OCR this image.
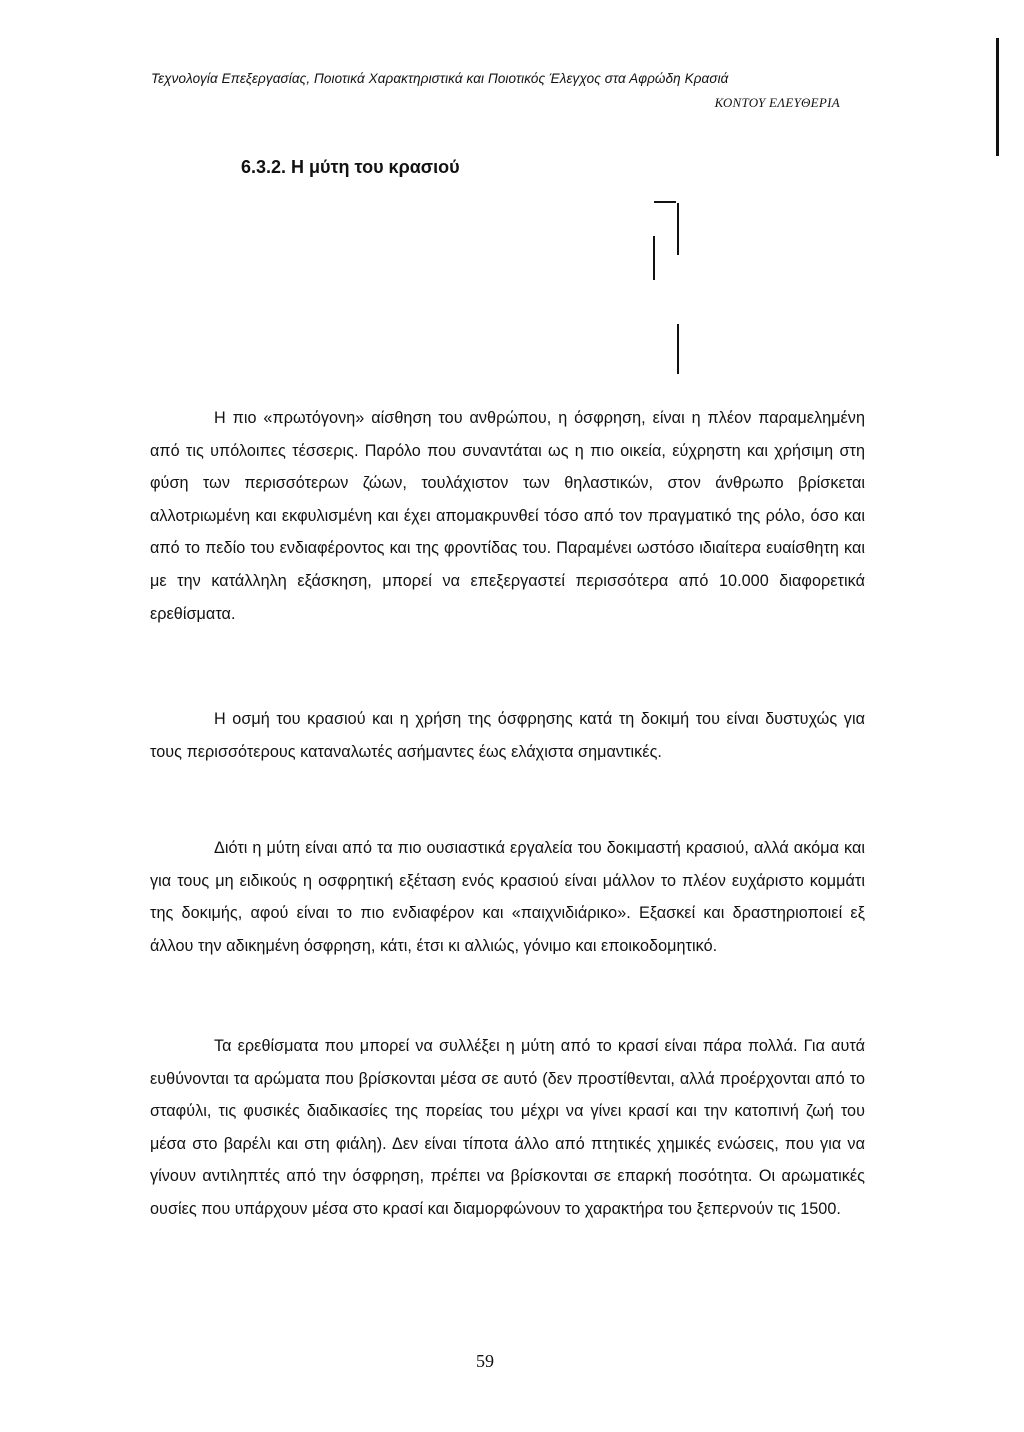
Τεχνολογία Επεξεργασίας, Ποιοτικά Χαρακτηριστικά και Ποιοτικός Έλεγχος στα Αφρώδη Κρασιά
ΚΟΝΤΟΥ ΕΛΕΥΘΕΡΙΑ
6.3.2. Η μύτη του κρασιού

Η πιο «πρωτόγονη» αίσθηση του ανθρώπου, η όσφρηση, είναι η πλέον παραμελημένη από τις υπόλοιπες τέσσερις. Παρόλο που συναντάται ως η πιο οικεία, εύχρηστη και χρήσιμη στη φύση των περισσότερων ζώων, τουλάχιστον των θηλαστικών, στον άνθρωπο βρίσκεται αλλοτριωμένη και εκφυλισμένη και έχει απομακρυνθεί τόσο από τον πραγματικό της ρόλο, όσο και από το πεδίο του ενδιαφέροντος και της φροντίδας του. Παραμένει ωστόσο ιδιαίτερα ευαίσθητη και με την κατάλληλη εξάσκηση, μπορεί να επεξεργαστεί περισσότερα από 10.000 διαφορετικά ερεθίσματα.

Η οσμή του κρασιού και η χρήση της όσφρησης κατά τη δοκιμή του είναι δυστυχώς για τους περισσότερους καταναλωτές ασήμαντες έως ελάχιστα σημαντικές.

Διότι η μύτη είναι από τα πιο ουσιαστικά εργαλεία του δοκιμαστή κρασιού, αλλά ακόμα και για τους μη ειδικούς η οσφρητική εξέταση ενός κρασιού είναι μάλλον το πλέον ευχάριστο κομμάτι της δοκιμής, αφού είναι το πιο ενδιαφέρον και «παιχνιδιάρικο». Εξασκεί και δραστηριοποιεί εξ άλλου την αδικημένη όσφρηση, κάτι, έτσι κι αλλιώς, γόνιμο και εποικοδομητικό.

Τα ερεθίσματα που μπορεί να συλλέξει η μύτη από το κρασί είναι πάρα πολλά. Για αυτά ευθύνονται τα αρώματα που βρίσκονται μέσα σε αυτό (δεν προστίθενται, αλλά προέρχονται από το σταφύλι, τις φυσικές διαδικασίες της πορείας του μέχρι να γίνει κρασί και την κατοπινή ζωή του μέσα στο βαρέλι και στη φιάλη). Δεν είναι τίποτα άλλο από πτητικές χημικές ενώσεις, που για να γίνουν αντιληπτές από την όσφρηση, πρέπει να βρίσκονται σε επαρκή ποσότητα. Οι αρωματικές ουσίες που υπάρχουν μέσα στο κρασί και διαμορφώνουν το χαρακτήρα του ξεπερνούν τις 1500.

59
